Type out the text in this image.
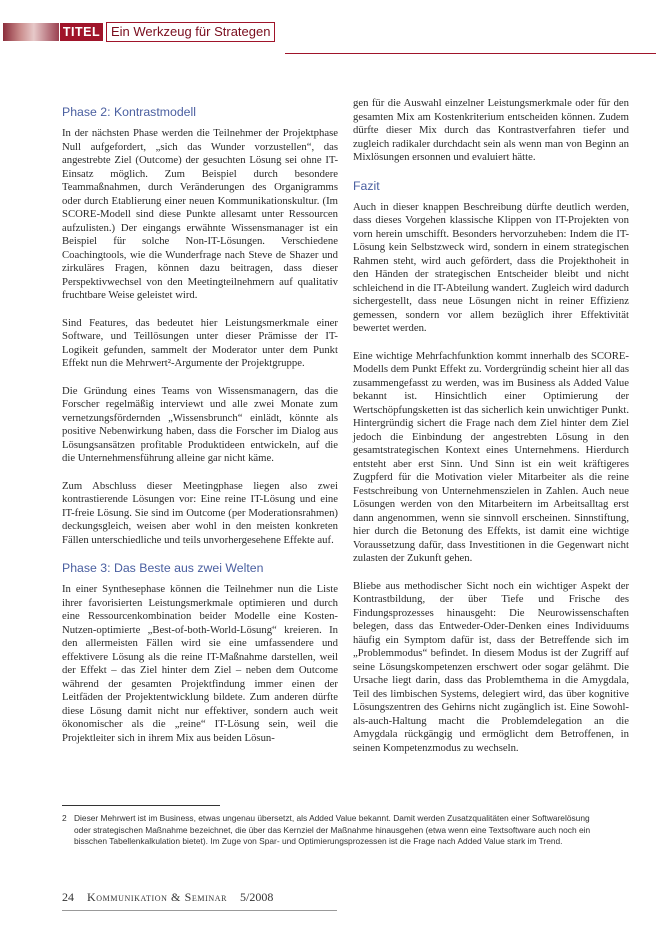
TITEL Ein Werkzeug für Strategen
Phase 2: Kontrastmodell

In der nächsten Phase werden die Teilnehmer der Projektphase Null aufgefordert, „sich das Wunder vorzustellen“, das angestrebte Ziel (Outcome) der gesuchten Lösung sei ohne IT-Einsatz möglich. Zum Beispiel durch besondere Teammaßnahmen, durch Veränderungen des Organigramms oder durch Etablierung einer neuen Kommunikationskultur. (Im SCORE-Modell sind diese Punkte allesamt unter Ressourcen aufzulisten.) Der eingangs erwähnte Wissensmanager ist ein Beispiel für solche Non-IT-Lösungen. Verschiedene Coachingtools, wie die Wunderfrage nach Steve de Shazer und zirkuläres Fragen, können dazu beitragen, dass dieser Perspektivwechsel von den Meetingteilnehmern auf qualitativ fruchtbare Weise geleistet wird.

Sind Features, das bedeutet hier Leistungsmerkmale einer Software, und Teillösungen unter dieser Prämisse der IT-Logikeit gefunden, sammelt der Moderator unter dem Punkt Effekt nun die Mehrwert²-Argumente der Projektgruppe.

Die Gründung eines Teams von Wissensmanagern, das die Forscher regelmäßig interviewt und alle zwei Monate zum vernetzungsfördernden „Wissensbrunch“ einlädt, könnte als positive Nebenwirkung haben, dass die Forscher im Dialog aus Lösungsansätzen profitable Produktideen entwickeln, auf die die Unternehmensführung alleine gar nicht käme.

Zum Abschluss dieser Meetingphase liegen also zwei kontrastierende Lösungen vor: Eine reine IT-Lösung und eine IT-freie Lösung. Sie sind im Outcome (per Moderationsrahmen) deckungsgleich, weisen aber wohl in den meisten konkreten Fällen unterschiedliche und teils unvorhergesehene Effekte auf.

Phase 3: Das Beste aus zwei Welten

In einer Synthesephase können die Teilnehmer nun die Liste ihrer favorisierten Leistungsmerkmale optimieren und durch eine Ressourcenkombination beider Modelle eine Kosten-Nutzen-optimierte „Best-of-both-World-Lösung“ kreieren. In den allermeisten Fällen wird sie eine umfassendere und effektivere Lösung als die reine IT-Maßnahme darstellen, weil der Effekt – das Ziel hinter dem Ziel – neben dem Outcome während der gesamten Projektfindung immer einen der Leitfäden der Projektentwicklung bildete. Zum anderen dürfte diese Lösung damit nicht nur effektiver, sondern auch weit ökonomischer als die „reine“ IT-Lösung sein, weil die Projektleiter sich in ihrem Mix aus beiden Lösun-

gen für die Auswahl einzelner Leistungsmerkmale oder für den gesamten Mix am Kostenkriterium entscheiden können. Zudem dürfte dieser Mix durch das Kontrastverfahren tiefer und zugleich radikaler durchdacht sein als wenn man von Beginn an Mixlösungen ersonnen und evaluiert hätte.

Fazit

Auch in dieser knappen Beschreibung dürfte deutlich werden, dass dieses Vorgehen klassische Klippen von IT-Projekten von vorn herein umschifft. Besonders hervorzuheben: Indem die IT-Lösung kein Selbstzweck wird, sondern in einem strategischen Rahmen steht, wird auch gefördert, dass die Projekthoheit in den Händen der strategischen Entscheider bleibt und nicht schleichend in die IT-Abteilung wandert. Zugleich wird dadurch sichergestellt, dass neue Lösungen nicht in reiner Effizienz gemessen, sondern vor allem bezüglich ihrer Effektivität bewertet werden.

Eine wichtige Mehrfachfunktion kommt innerhalb des SCORE-Modells dem Punkt Effekt zu. Vordergründig scheint hier all das zusammengefasst zu werden, was im Business als Added Value bekannt ist. Hinsichtlich einer Optimierung der Wertschöpfungsketten ist das sicherlich kein unwichtiger Punkt. Hintergründig sichert die Frage nach dem Ziel hinter dem Ziel jedoch die Einbindung der angestrebten Lösung in den gesamtstrategischen Kontext eines Unternehmens. Hierdurch entsteht aber erst Sinn. Und Sinn ist ein weit kräftigeres Zugpferd für die Motivation vieler Mitarbeiter als die reine Festschreibung von Unternehmenszielen in Zahlen. Auch neue Lösungen werden von den Mitarbeitern im Arbeitsalltag erst dann angenommen, wenn sie sinnvoll erscheinen. Sinnstiftung, hier durch die Betonung des Effekts, ist damit eine wichtige Voraussetzung dafür, dass Investitionen in die Gegenwart nicht zulasten der Zukunft gehen.

Bliebe aus methodischer Sicht noch ein wichtiger Aspekt der Kontrastbildung, der über Tiefe und Frische des Findungsprozesses hinausgeht: Die Neurowissenschaften belegen, dass das Entweder-Oder-Denken eines Individuums häufig ein Symptom dafür ist, dass der Betreffende sich im „Problemmodus“ befindet. In diesem Modus ist der Zugriff auf seine Lösungskompetenzen erschwert oder sogar gelähmt. Die Ursache liegt darin, dass das Problemthema in die Amygdala, Teil des limbischen Systems, delegiert wird, das über kognitive Lösungszentren des Gehirns nicht zugänglich ist. Eine Sowohl-als-auch-Haltung macht die Problemdelegation an die Amygdala rückgängig und ermöglicht dem Betroffenen, in seinen Kompetenzmodus zu wechseln.

2 Dieser Mehrwert ist im Business, etwas ungenau übersetzt, als Added Value bekannt. Damit werden Zusatzqualitäten einer Softwarelösung oder strategischen Maßnahme bezeichnet, die über das Kernziel der Maßnahme hinausgehen (etwa wenn eine Textsoftware auch noch ein bisschen Tabellenkalkulation bietet). Im Zuge von Spar- und Optimierungsprozessen ist die Frage nach Added Value stark im Trend.
24 Kommunikation & Seminar 5/2008
